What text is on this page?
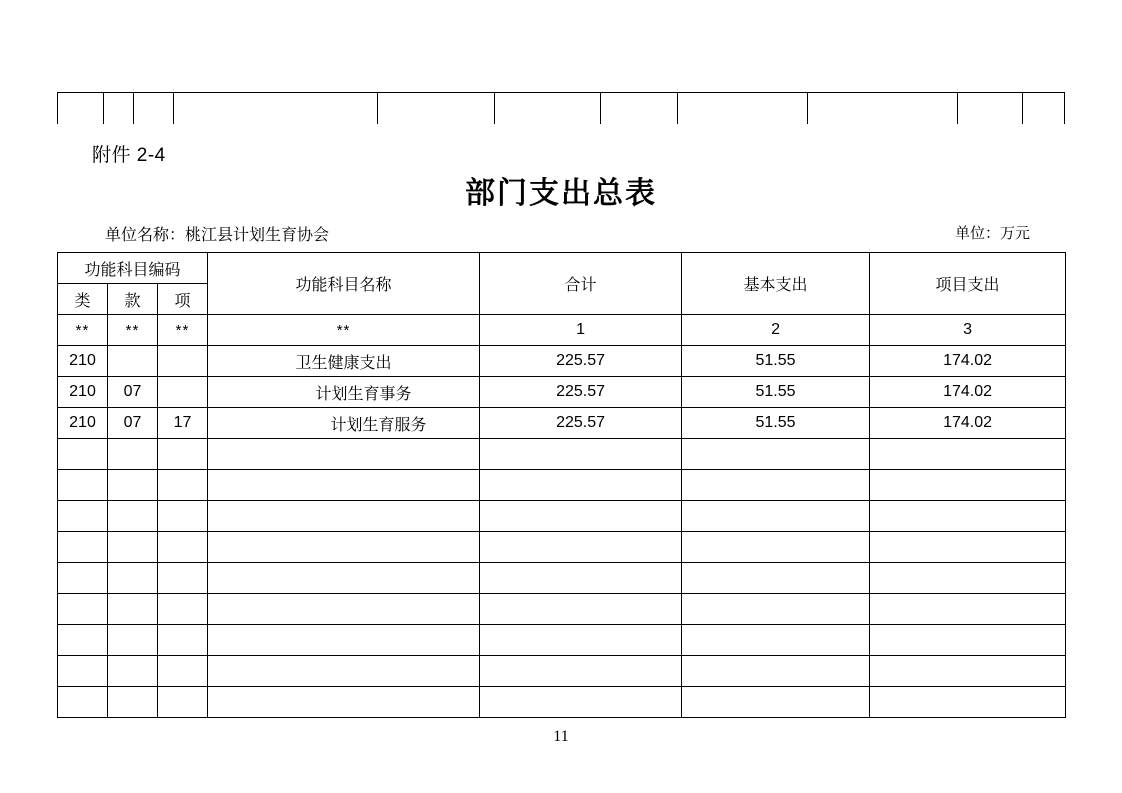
附件 2-4
部门支出总表
单位名称：桃江县计划生育协会	单位：万元
功能科目编码			功能科目名称	合计	基本支出	项目支出
类	款	项				
**	**	**	**	1	2	3
210			卫生健康支出	225.57	51.55	174.02
210	07		计划生育事务	225.57	51.55	174.02
210	07	17	计划生育服务	225.57	51.55	174.02

11
